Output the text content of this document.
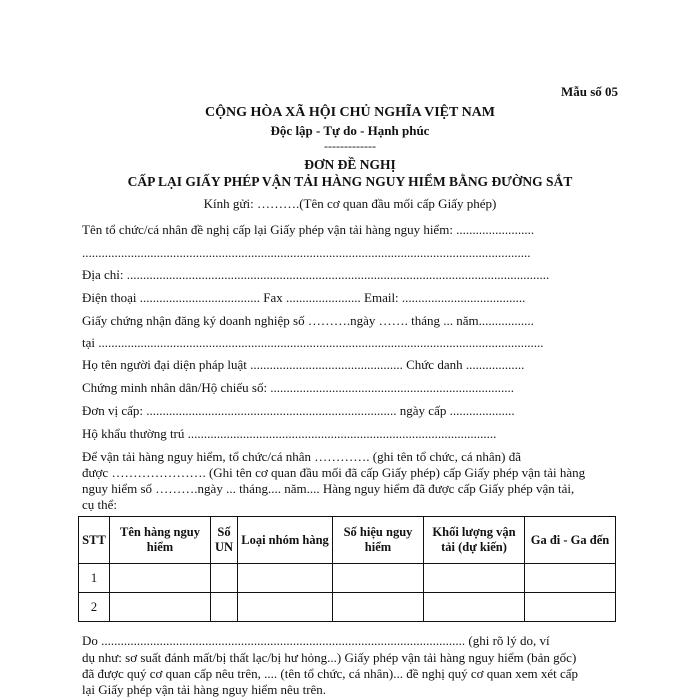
Mẫu số 05
CỘNG HÒA XÃ HỘI CHỦ NGHĨA VIỆT NAM
Độc lập - Tự do - Hạnh phúc
-------------
ĐƠN ĐỀ NGHỊ
CẤP LẠI GIẤY PHÉP VẬN TẢI HÀNG NGUY HIỂM BẰNG ĐƯỜNG SẮT
Kính gửi: ……….(Tên cơ quan đầu mối cấp Giấy phép)
Tên tổ chức/cá nhân đề nghị cấp lại Giấy phép vận tải hàng nguy hiểm: ........................
..........................................................................................................................................
Địa chỉ: ..................................................................................................................................
Điện thoại ..................................... Fax ....................... Email: ......................................
Giấy chứng nhận đăng ký doanh nghiệp số ……….ngày ……. tháng ... năm.................
tại .........................................................................................................................................
Họ tên người đại diện pháp luật ............................................... Chức danh ..................
Chứng minh nhân dân/Hộ chiếu số: ...........................................................................
Đơn vị cấp: ............................................................................. ngày cấp ....................
Hộ khẩu thường trú ...............................................................................................
Để vận tải hàng nguy hiểm, tổ chức/cá nhân …………. (ghi tên tổ chức, cá nhân) đã
được …………………. (Ghi tên cơ quan đầu mối đã cấp Giấy phép) cấp Giấy phép vận tải hàng
nguy hiểm số ……….ngày ... tháng.... năm.... Hàng nguy hiểm đã được cấp Giấy phép vận tải,
cụ thể:
STT	Tên hàng nguy hiểm	Số UN	Loại nhóm hàng	Số hiệu nguy hiểm	Khối lượng vận tải (dự kiến)	Ga đi - Ga đến
1						
2						
Do ................................................................................................................ (ghi rõ lý do, ví
dụ như: sơ suất đánh mất/bị thất lạc/bị hư hỏng...) Giấy phép vận tải hàng nguy hiểm (bản gốc)
đã được quý cơ quan cấp nêu trên, .... (tên tổ chức, cá nhân)... đề nghị quý cơ quan xem xét cấp
lại Giấy phép vận tải hàng nguy hiểm nêu trên.
